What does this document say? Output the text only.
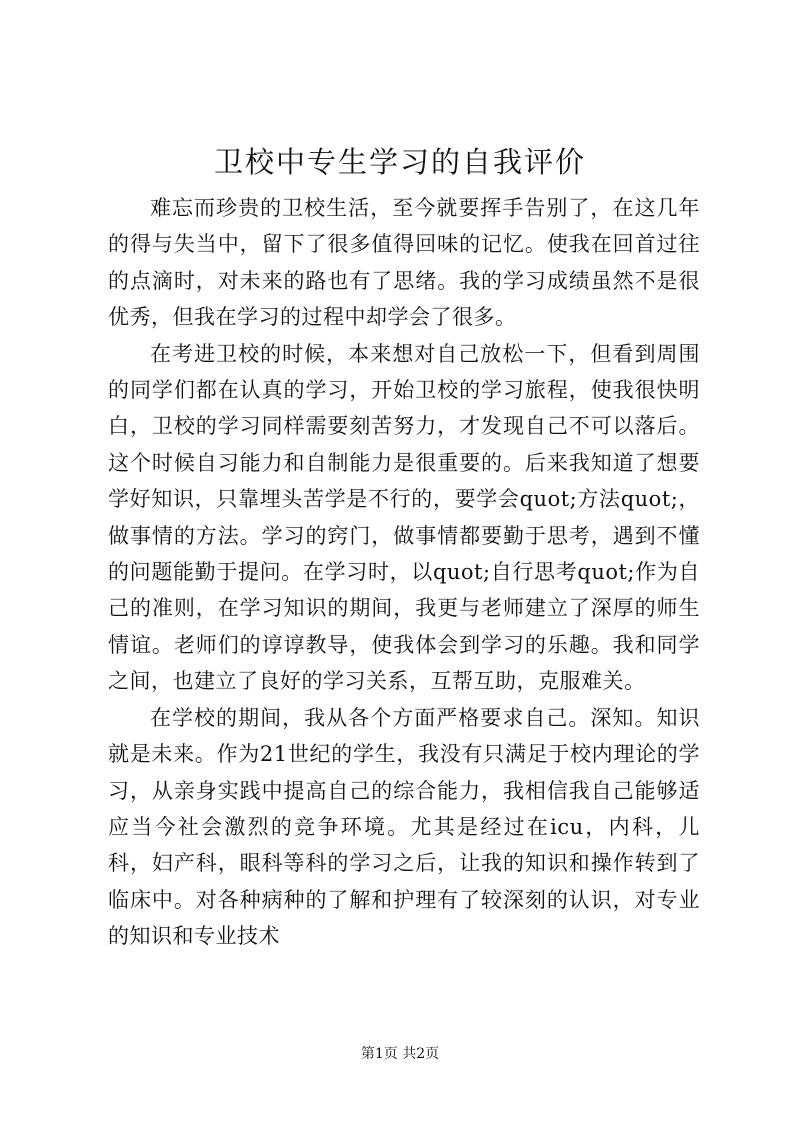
卫校中专生学习的自我评价

难忘而珍贵的卫校生活，至今就要挥手告别了，在这几年的得与失当中，留下了很多值得回味的记忆。使我在回首过往的点滴时，对未来的路也有了思绪。我的学习成绩虽然不是很优秀，但我在学习的过程中却学会了很多。

在考进卫校的时候，本来想对自己放松一下，但看到周围的同学们都在认真的学习，开始卫校的学习旅程，使我很快明白，卫校的学习同样需要刻苦努力，才发现自己不可以落后。这个时候自习能力和自制能力是很重要的。后来我知道了想要学好知识，只靠埋头苦学是不行的，要学会quot;方法quot;，做事情的方法。学习的窍门，做事情都要勤于思考，遇到不懂的问题能勤于提问。在学习时，以quot;自行思考quot;作为自己的准则，在学习知识的期间，我更与老师建立了深厚的师生情谊。老师们的谆谆教导，使我体会到学习的乐趣。我和同学之间，也建立了良好的学习关系，互帮互助，克服难关。

在学校的期间，我从各个方面严格要求自己。深知。知识就是未来。作为21世纪的学生，我没有只满足于校内理论的学习，从亲身实践中提高自己的综合能力，我相信我自己能够适应当今社会激烈的竞争环境。尤其是经过在icu，内科，儿科，妇产科，眼科等科的学习之后，让我的知识和操作转到了临床中。对各种病种的了解和护理有了较深刻的认识，对专业的知识和专业技术

第1页 共2页
